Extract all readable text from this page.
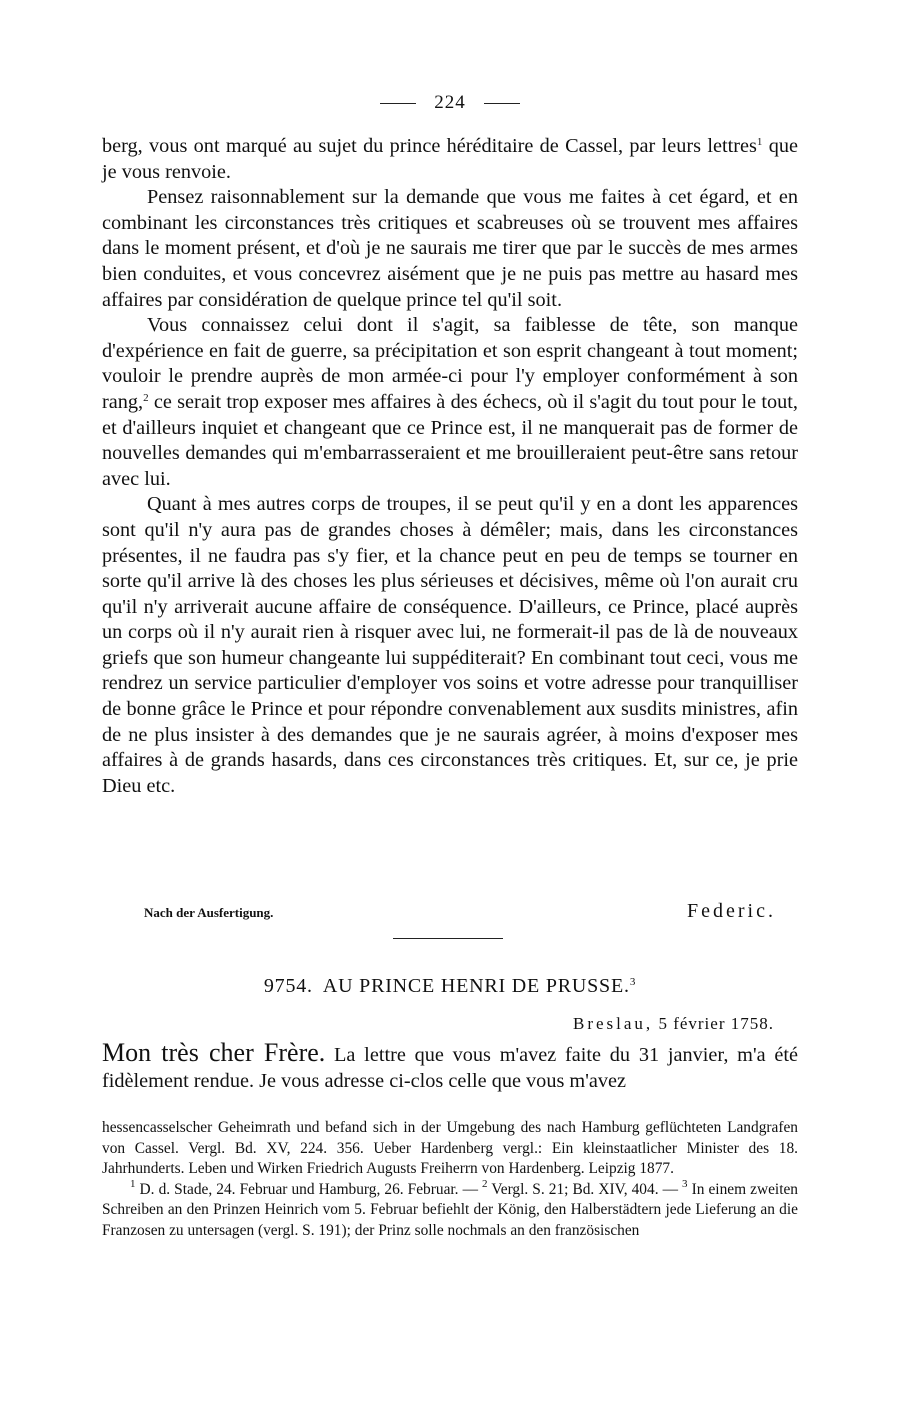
224

berg, vous ont marqué au sujet du prince héréditaire de Cassel, par leurs lettres$^1$ que je vous renvoie.

Pensez raisonnablement sur la demande que vous me faites à cet égard, et en combinant les circonstances très critiques et scabreuses où se trouvent mes affaires dans le moment présent, et d'où je ne saurais me tirer que par le succès de mes armes bien conduites, et vous concevrez aisément que je ne puis pas mettre au hasard mes affaires par considération de quelque prince tel qu'il soit.

Vous connaissez celui dont il s'agit, sa faiblesse de tête, son manque d'expérience en fait de guerre, sa précipitation et son esprit changeant à tout moment; vouloir le prendre auprès de mon armée-ci pour l'y employer conformément à son rang,$^2$ ce serait trop exposer mes affaires à des échecs, où il s'agit du tout pour le tout, et d'ailleurs inquiet et changeant que ce Prince est, il ne manquerait pas de former de nouvelles demandes qui m'embarrasseraient et me brouilleraient peut-être sans retour avec lui.

Quant à mes autres corps de troupes, il se peut qu'il y en a dont les apparences sont qu'il n'y aura pas de grandes choses à démêler; mais, dans les circonstances présentes, il ne faudra pas s'y fier, et la chance peut en peu de temps se tourner en sorte qu'il arrive là des choses les plus sérieuses et décisives, même où l'on aurait cru qu'il n'y arriverait aucune affaire de conséquence. D'ailleurs, ce Prince, placé auprès un corps où il n'y aurait rien à risquer avec lui, ne formerait-il pas de là de nouveaux griefs que son humeur changeante lui suppéditerait? En combinant tout ceci, vous me rendrez un service particulier d'employer vos soins et votre adresse pour tranquilliser de bonne grâce le Prince et pour répondre convenablement aux susdits ministres, afin de ne plus insister à des demandes que je ne saurais agréer, à moins d'exposer mes affaires à de grands hasards, dans ces circonstances très critiques. Et, sur ce, je prie Dieu etc.

Nach der Ausfertigung.	Federic.
9754. AU PRINCE HENRI DE PRUSSE.$^3$
Breslau, 5 février 1758.
Mon très cher Frère. La lettre que vous m'avez faite du 31 janvier, m'a été fidèlement rendue. Je vous adresse ci-clos celle que vous m'avez

hessencasselscher Geheimrath und befand sich in der Umgebung des nach Hamburg geflüchteten Landgrafen von Cassel. Vergl. Bd. XV, 224. 356. Ueber Hardenberg vergl.: Ein kleinstaatlicher Minister des 18. Jahrhunderts. Leben und Wirken Friedrich Augusts Freiherrn von Hardenberg. Leipzig 1877.

$^1$ D. d. Stade, 24. Februar und Hamburg, 26. Februar. — $^2$ Vergl. S. 21; Bd. XIV, 404. — $^3$ In einem zweiten Schreiben an den Prinzen Heinrich vom 5. Februar befiehlt der König, den Halberstädtern jede Lieferung an die Franzosen zu untersagen (vergl. S. 191); der Prinz solle nochmals an den französischen
